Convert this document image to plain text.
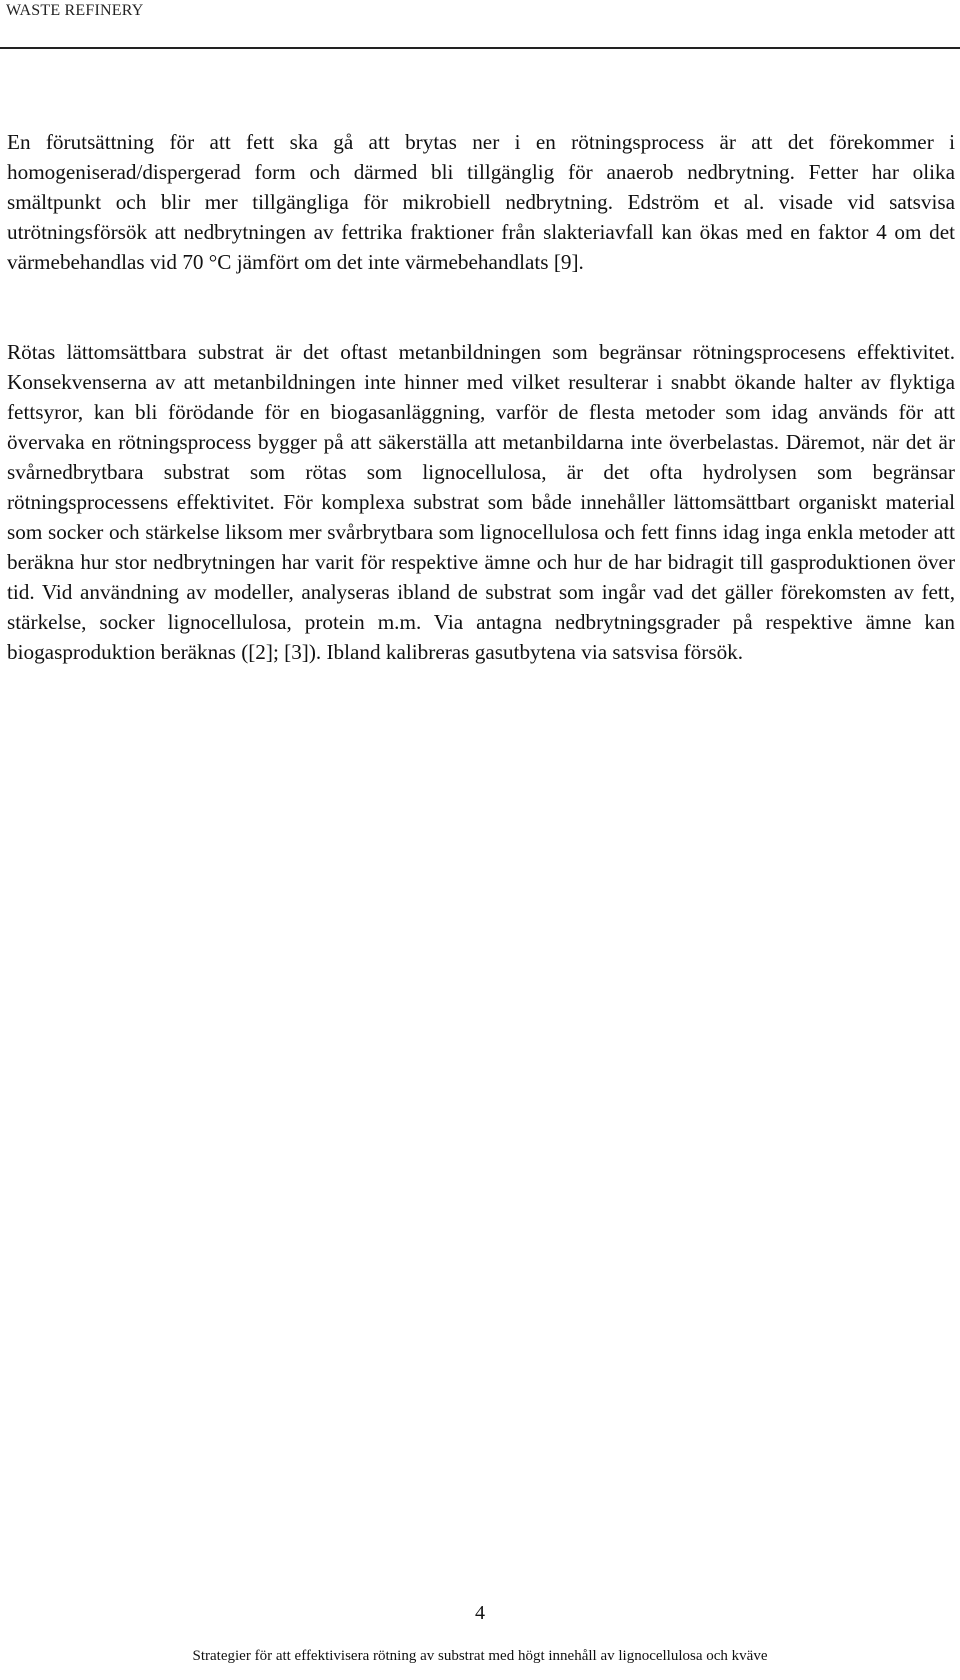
WASTE REFINERY

En förutsättning för att fett ska gå att brytas ner i en rötningsprocess är att det förekommer i homogeniserad/dispergerad form och därmed bli tillgänglig för anaerob nedbrytning. Fetter har olika smältpunkt och blir mer tillgängliga för mikrobiell nedbrytning. Edström et al. visade vid satsvisa utrötningsförsök att nedbrytningen av fettrika fraktioner från slakteriavfall kan ökas med en faktor 4 om det värmebehandlas vid 70 °C jämfört om det inte värmebehandlats [9].

Rötas lättomsättbara substrat är det oftast metanbildningen som begränsar rötningsprocesens effektivitet. Konsekvenserna av att metanbildningen inte hinner med vilket resulterar i snabbt ökande halter av flyktiga fettsyror, kan bli förödande för en biogasanläggning, varför de flesta metoder som idag används för att övervaka en rötningsprocess bygger på att säkerställa att metanbildarna inte överbelastas. Däremot, när det är svårnedbrytbara substrat som rötas som lignocellulosa, är det ofta hydrolysen som begränsar rötningsprocessens effektivitet. För komplexa substrat som både innehåller lättomsättbart organiskt material som socker och stärkelse liksom mer svårbrytbara som lignocellulosa och fett finns idag inga enkla metoder att beräkna hur stor nedbrytningen har varit för respektive ämne och hur de har bidragit till gasproduktionen över tid. Vid användning av modeller, analyseras ibland de substrat som ingår vad det gäller förekomsten av fett, stärkelse, socker lignocellulosa, protein m.m. Via antagna nedbrytningsgrader på respektive ämne kan biogasproduktion beräknas ([2]; [3]). Ibland kalibreras gasutbytena via satsvisa försök.

4
Strategier för att effektivisera rötning av substrat med högt innehåll av lignocellulosa och kväve
